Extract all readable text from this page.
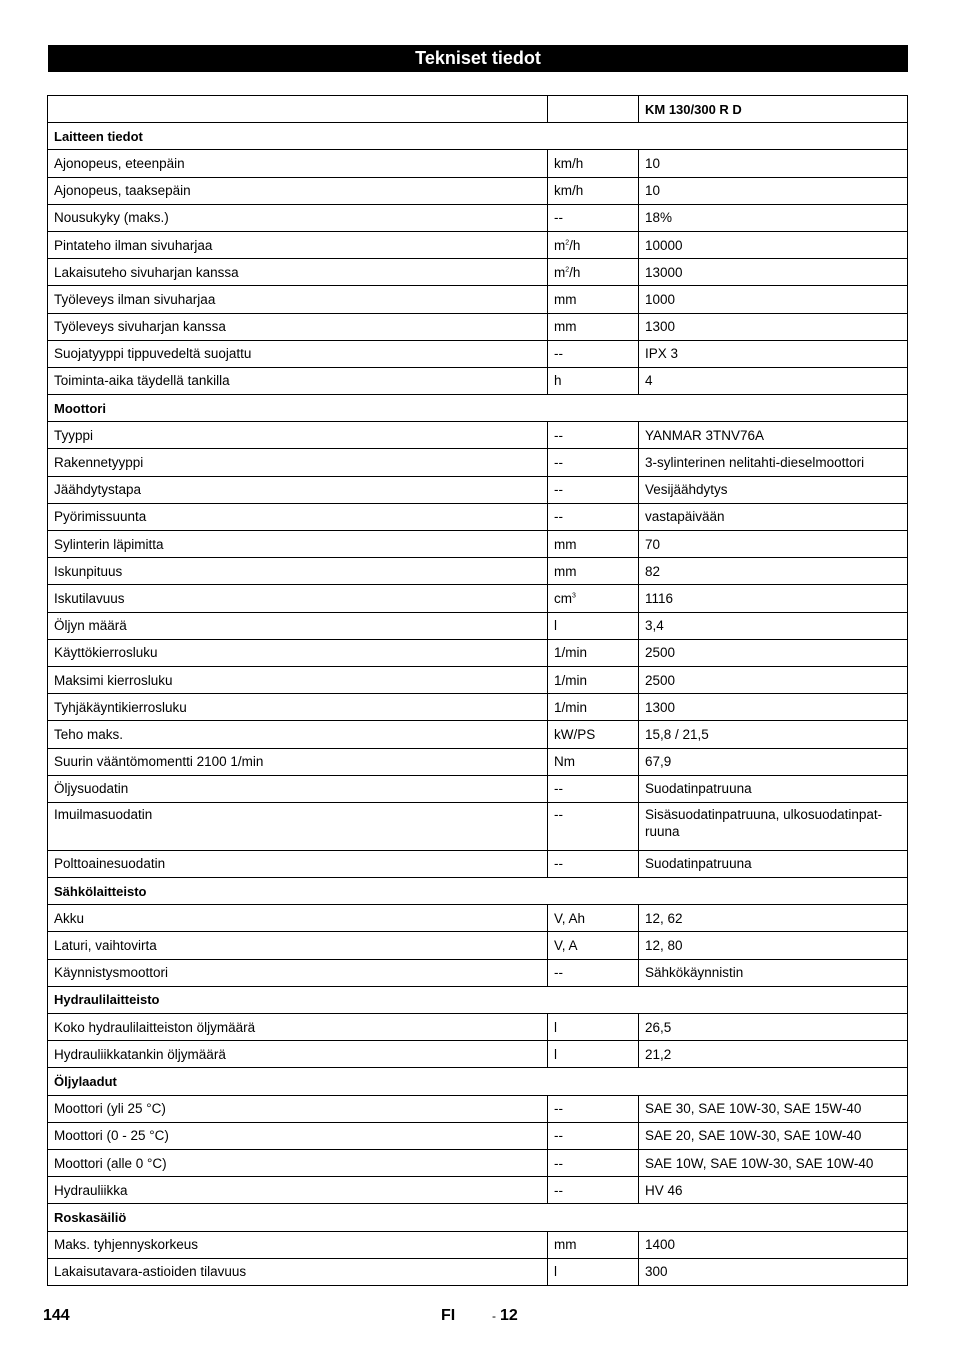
Tekniset tiedot
		KM 130/300 R D
Laitteen tiedot		
Ajonopeus, eteenpäin	km/h	10
Ajonopeus, taaksepäin	km/h	10
Nousukyky (maks.)	--	18%
Pintateho ilman sivuharjaa	$m^2/h$	10000
Lakaisuteho sivuharjan kanssa	$m^2/h$	13000
Työleveys ilman sivuharjaa	mm	1000
Työleveys sivuharjan kanssa	mm	1300
Suojatyyppi tippuvedeltä suojattu	--	IPX 3
Toiminta-aika täydellä tankilla	h	4
Moottori		
Tyyppi	--	YANMAR 3TNV76A
Rakennetyyppi	--	3-sylinterinen nelitahti-dieselmoottori
Jäähdytystapa	--	Vesijäähdytys
Pyörimissuunta	--	vastapäivään
Sylinterin läpimitta	mm	70
Iskunpituus	mm	82
Iskutilavuus	$cm^3$	1116
Öljyn määrä	l	3,4
Käyttökierrosluku	1/min	2500
Maksimi kierrosluku	1/min	2500
Tyhjäkäyntikierrosluku	1/min	1300
Teho maks.	kW/PS	15,8 / 21,5
Suurin vääntömomentti 2100 1/min	Nm	67,9
Öljysuodatin	--	Suodatinpatruuna
Imuilmasuodatin	--	Sisäsuodatinpatruuna, ulkosuodatinpat-
ruuna
Polttoainesuodatin	--	Suodatinpatruuna
Sähkölaitteisto		
Akku	V, Ah	12, 62
Laturi, vaihtovirta	V, A	12, 80
Käynnistysmoottori	--	Sähkökäynnistin
Hydraulilaitteisto		
Koko hydraulilaitteiston öljymäärä	l	26,5
Hydrauliikkatankin öljymäärä	l	21,2
Öljylaadut		
Moottori (yli 25 °C)	--	SAE 30, SAE 10W-30, SAE 15W-40
Moottori (0 - 25 °C)	--	SAE 20, SAE 10W-30, SAE 10W-40
Moottori (alle 0 °C)	--	SAE 10W, SAE 10W-30, SAE 10W-40
Hydrauliikka	--	HV 46
Roskasäiliö		
Maks. tyhjennyskorkeus	mm	1400
Lakaisutavara-astioiden tilavuus	l	300
144	FI	- 12
